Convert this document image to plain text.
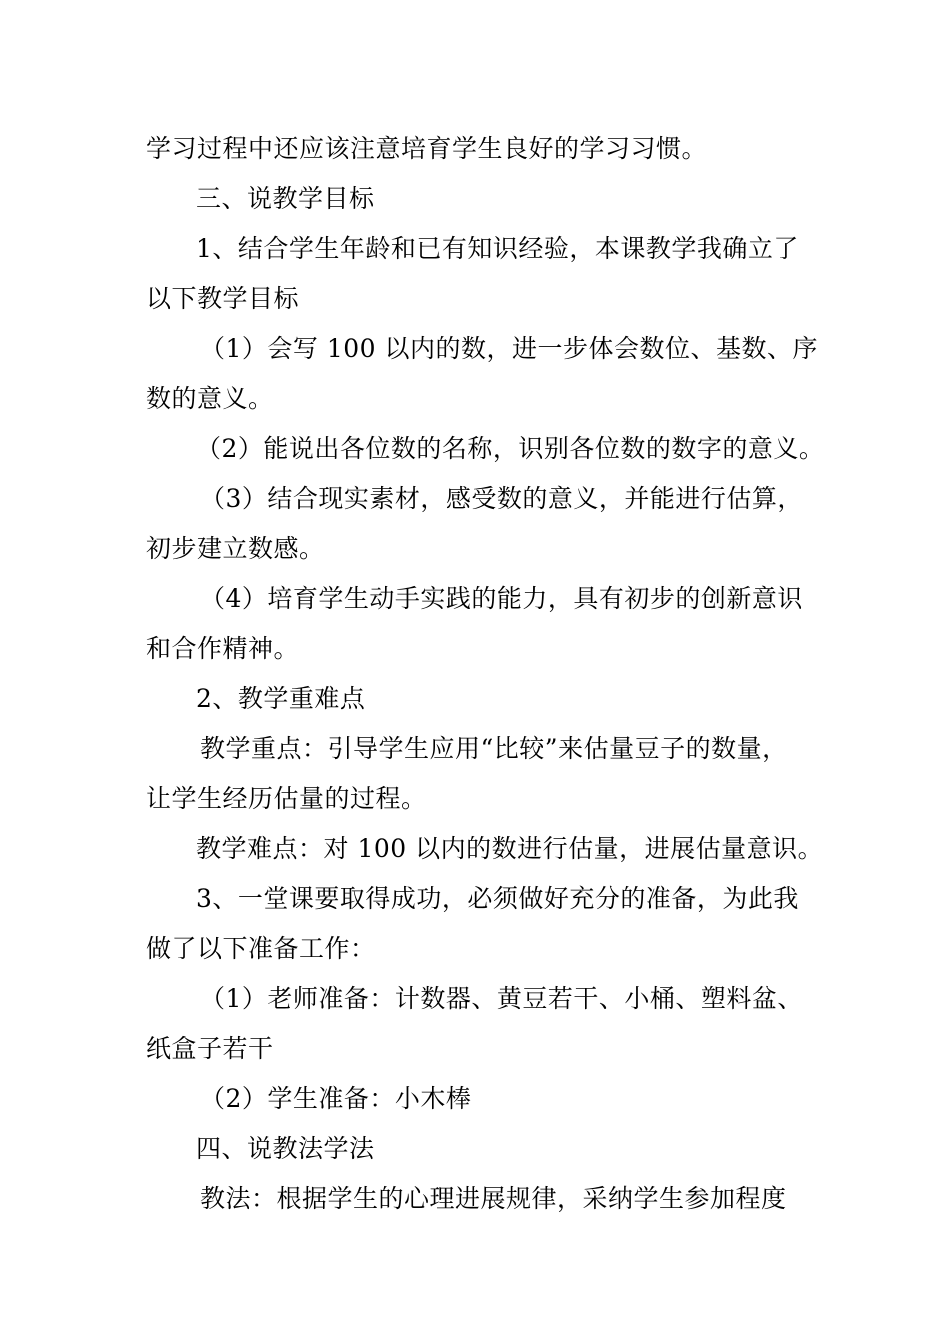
学习过程中还应该注意培育学生良好的学习习惯。
三、说教学目标
1、结合学生年龄和已有知识经验，本课教学我确立了
以下教学目标
（1）会写 100 以内的数，进一步体会数位、基数、序
数的意义。
（2）能说出各位数的名称，识别各位数的数字的意义。
（3）结合现实素材，感受数的意义，并能进行估算，
初步建立数感。
（4）培育学生动手实践的能力，具有初步的创新意识
和合作精神。
2、教学重难点
教学重点：引导学生应用“比较”来估量豆子的数量，
让学生经历估量的过程。
教学难点：对 100 以内的数进行估量，进展估量意识。
3、一堂课要取得成功，必须做好充分的准备，为此我
做了以下准备工作：
（1）老师准备：计数器、黄豆若干、小桶、塑料盆、
纸盒子若干
（2）学生准备：小木棒
四、说教法学法
教法：根据学生的心理进展规律，采纳学生参加程度
